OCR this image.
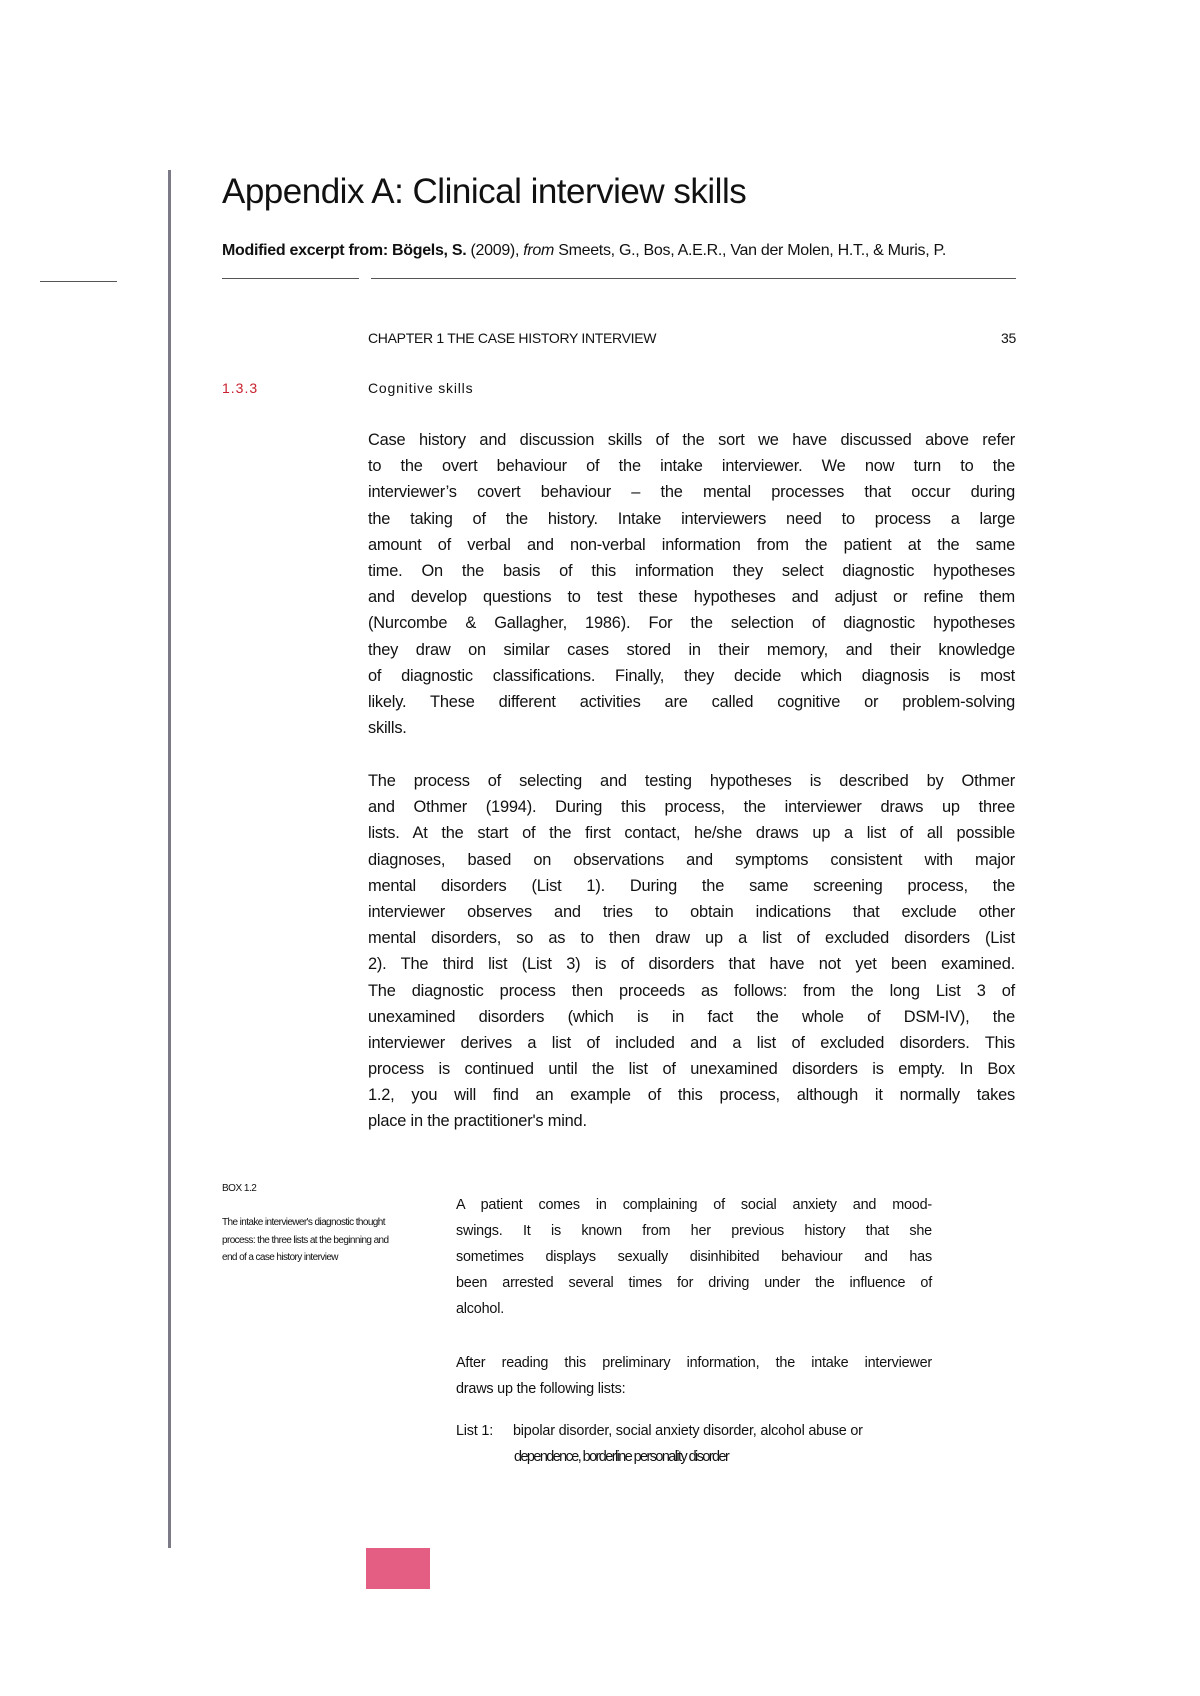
Appendix A: Clinical interview skills
Modified excerpt from: Bögels, S. (2009), from Smeets, G., Bos, A.E.R., Van der Molen, H.T., & Muris, P.
CHAPTER 1 THE CASE HISTORY INTERVIEW	35
1.3.3	Cognitive skills
Case history and discussion skills of the sort we have discussed above refer
to the overt behaviour of the intake interviewer. We now turn to the
interviewer’s covert behaviour – the mental processes that occur during
the taking of the history. Intake interviewers need to process a large
amount of verbal and non-verbal information from the patient at the same
time. On the basis of this information they select diagnostic hypotheses
and develop questions to test these hypotheses and adjust or refine them
(Nurcombe & Gallagher, 1986). For the selection of diagnostic hypotheses
they draw on similar cases stored in their memory, and their knowledge
of diagnostic classifications. Finally, they decide which diagnosis is most
likely. These different activities are called cognitive or problem-solving
skills.
The process of selecting and testing hypotheses is described by Othmer
and Othmer (1994). During this process, the interviewer draws up three
lists. At the start of the first contact, he/she draws up a list of all possible
diagnoses, based on observations and symptoms consistent with major
mental disorders (List 1). During the same screening process, the
interviewer observes and tries to obtain indications that exclude other
mental disorders, so as to then draw up a list of excluded disorders (List
2). The third list (List 3) is of disorders that have not yet been examined.
The diagnostic process then proceeds as follows: from the long List 3 of
unexamined disorders (which is in fact the whole of DSM-IV), the
interviewer derives a list of included and a list of excluded disorders. This
process is continued until the list of unexamined disorders is empty. In Box
1.2, you will find an example of this process, although it normally takes
place in the practitioner's mind.
BOX 1.2
The intake interviewer's diagnostic thought process: the three lists at the beginning and end of a case history interview
A patient comes in complaining of social anxiety and mood-
swings. It is known from her previous history that she
sometimes displays sexually disinhibited behaviour and has
been arrested several times for driving under the influence of
alcohol.
After reading this preliminary information, the intake interviewer
draws up the following lists:
List 1: bipolar disorder, social anxiety disorder, alcohol abuse or
dependence, borderline personality disorder
